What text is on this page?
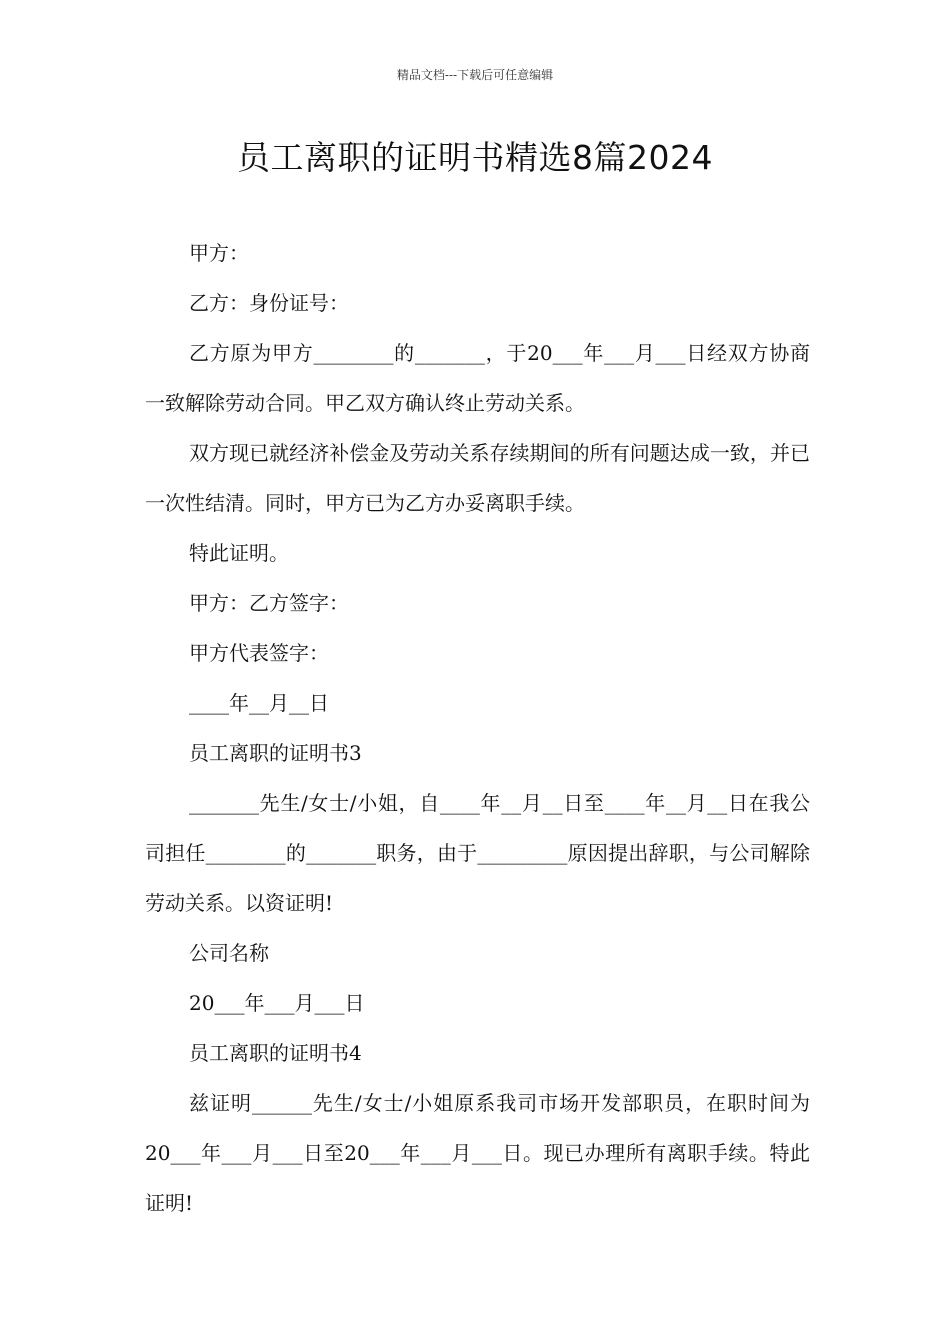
精品文档---下载后可任意编辑
员工离职的证明书精选8篇2024

甲方：

乙方：身份证号：

乙方原为甲方________的_______，于20___年___月___日经双方协商一致解除劳动合同。甲乙双方确认终止劳动关系。

双方现已就经济补偿金及劳动关系存续期间的所有问题达成一致，并已一次性结清。同时，甲方已为乙方办妥离职手续。

特此证明。

甲方：乙方签字：

甲方代表签字：

____年__月__日

员工离职的证明书3

_______先生/女士/小姐，自____年__月__日至____年__月__日在我公司担任________的_______职务，由于_________原因提出辞职，与公司解除劳动关系。以资证明!

公司名称

20___年___月___日

员工离职的证明书4

兹证明______先生/女士/小姐原系我司市场开发部职员，在职时间为20___年___月___日至20___年___月___日。现已办理所有离职手续。特此证明!
